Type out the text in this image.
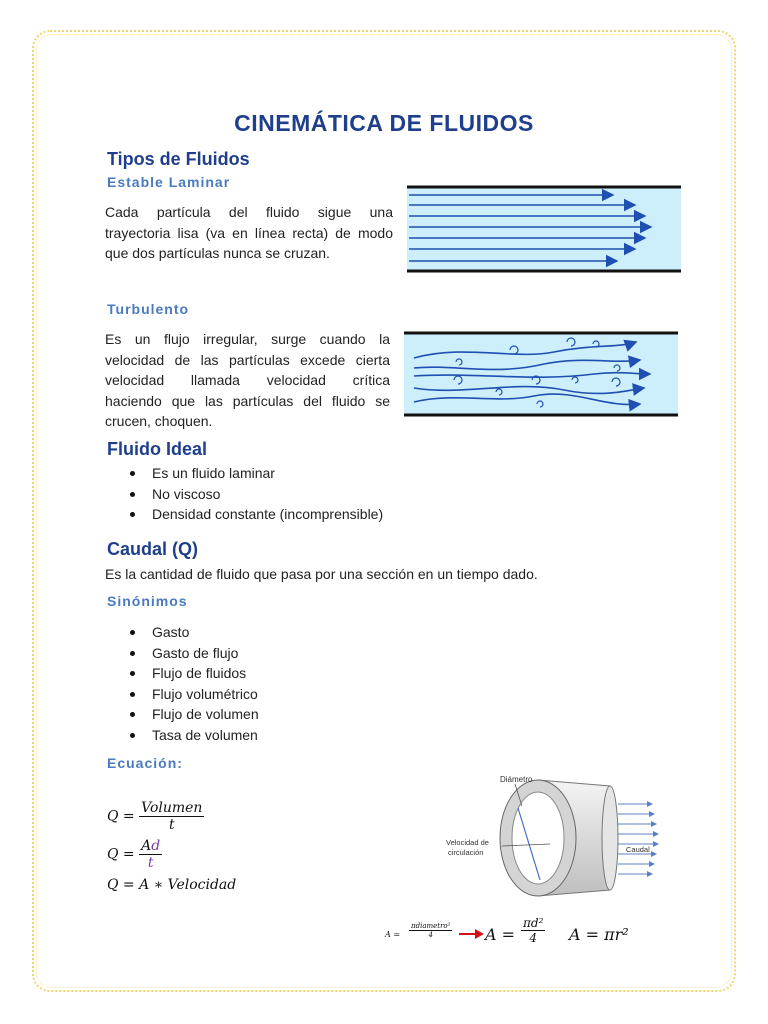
CINEMÁTICA DE FLUIDOS
Tipos de Fluidos
Estable Laminar
Cada partícula del fluido sigue una
trayectoria lisa (va en línea recta) de modo
que dos partículas nunca se cruzan.
Turbulento
Es un flujo irregular, surge cuando la
velocidad de las partículas excede cierta
velocidad llamada velocidad crítica
haciendo que las partículas del fluido se
crucen, choquen.
Fluido Ideal
Es un fluido laminar
No viscoso
Densidad constante (incomprensible)
Caudal (Q)
Es la cantidad de fluido que pasa por una sección en un tiempo dado.
Sinónimos
Gasto
Gasto de flujo
Flujo de fluidos
Flujo volumétrico
Flujo de volumen
Tasa de volumen
Ecuación:
$Q = \frac{\text{Volumen}}{t}$
$Q = \frac{Ad}{t}$
Q = A ∗ Velocidad
Diámetro
Velocidad de
circulación	Caudal
A =
πdiametro²
4	$A = \frac{\text{πd²}}{4}$ A = πr²
